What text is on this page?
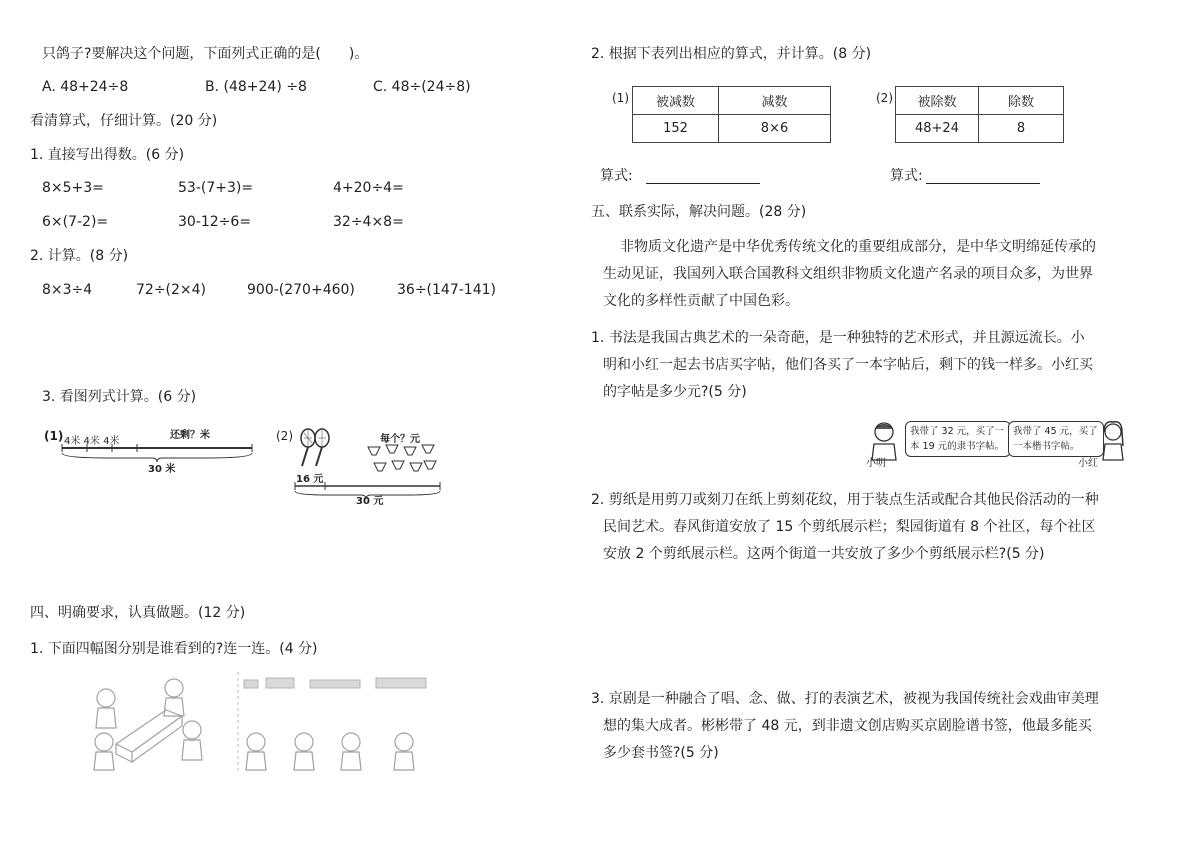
只鸽子?要解决这个问题，下面列式正确的是(　　)。
A. 48+24÷8	B. (48+24) ÷8	C. 48÷(24÷8)
看清算式，仔细计算。(20 分)
1. 直接写出得数。(6 分)
8×5+3=	53-(7+3)=	4+20÷4=
6×(7-2)=	30-12÷6=	32÷4×8=
2. 计算。(8 分)
8×3÷4	72÷(2×4)	900-(270+460)	36÷(147-141)
3. 看图列式计算。(6 分)
(1) 4米 4米 4米
还剩？米
30 米
(2)	每个？元
16 元
30 元
四、明确要求，认真做题。(12 分)
1. 下面四幅图分别是谁看到的?连一连。(4 分)
2. 根据下表列出相应的算式，并计算。(8 分)
(1) 被减数	减数
152	8×6
(2) 被除数	除数
48+24	8
算式:	算式:
五、联系实际，解决问题。(28 分)
非物质文化遗产是中华优秀传统文化的重要组成部分，是中华文明绵延传承的
生动见证，我国列入联合国教科文组织非物质文化遗产名录的项目众多，为世界
文化的多样性贡献了中国色彩。
1. 书法是我国古典艺术的一朵奇葩，是一种独特的艺术形式，并且源远流长。小
明和小红一起去书店买字帖，他们各买了一本字帖后，剩下的钱一样多。小红买
的字帖是多少元?(5 分)
小明
我带了 32 元，买了一
本 19 元的隶书字帖。
我带了 45 元，买了
一本楷书字帖。
小红
2. 剪纸是用剪刀或刻刀在纸上剪刻花纹，用于装点生活或配合其他民俗活动的一种
民间艺术。春风街道安放了 15 个剪纸展示栏；梨园街道有 8 个社区，每个社区
安放 2 个剪纸展示栏。这两个街道一共安放了多少个剪纸展示栏?(5 分)
3. 京剧是一种融合了唱、念、做、打的表演艺术，被视为我国传统社会戏曲审美理
想的集大成者。彬彬带了 48 元，到非遗文创店购买京剧脸谱书签，他最多能买
多少套书签?(5 分)
